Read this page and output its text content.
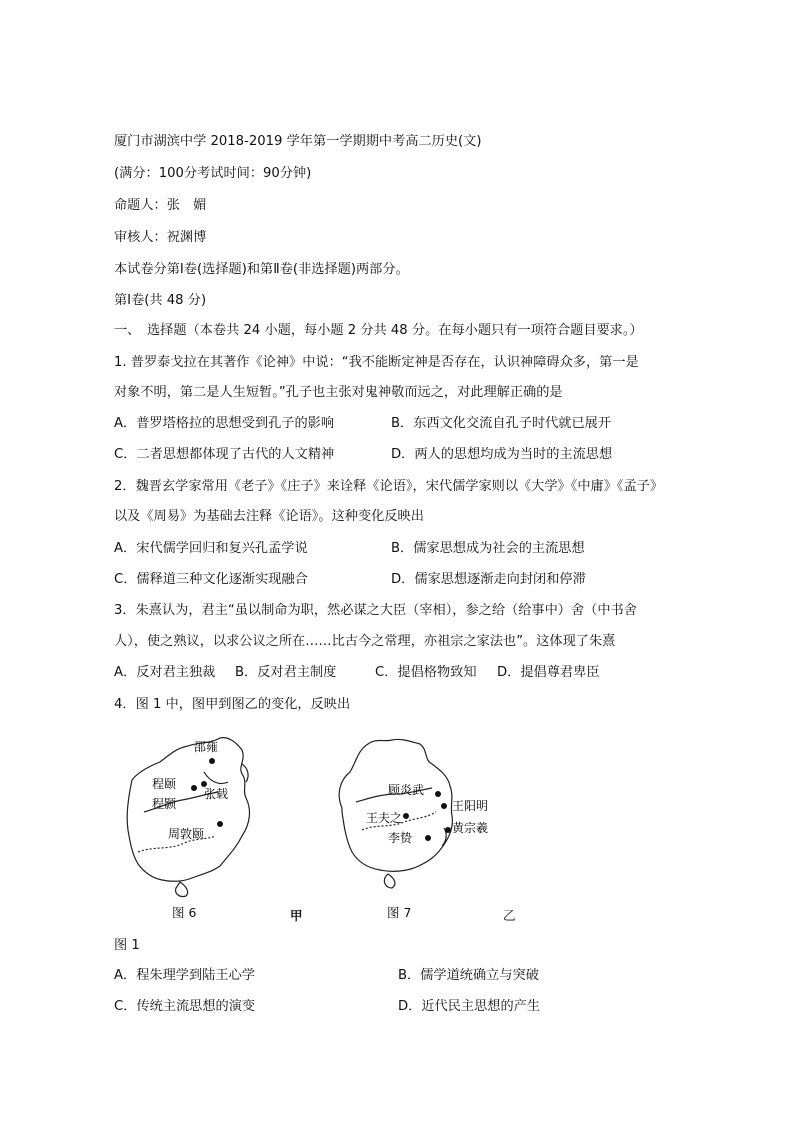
厦门市湖滨中学 2018-2019 学年第一学期期中考高二历史(文)
(满分：100分考试时间：90分钟)
命题人：张　媚
审核人：祝渊博
本试卷分第Ⅰ卷(选择题)和第Ⅱ卷(非选择题)两部分。
第Ⅰ卷(共 48 分)
一、　选择题（本卷共 24 小题，每小题 2 分共 48 分。在每小题只有一项符合题目要求。）
1. 普罗泰戈拉在其著作《论神》中说：“我不能断定神是否存在，认识神障碍众多，第一是
对象不明，第二是人生短暂。”孔子也主张对鬼神敬而远之，对此理解正确的是
A．普罗塔格拉的思想受到孔子的影响	B．东西文化交流自孔子时代就已展开
C．二者思想都体现了古代的人文精神	D．两人的思想均成为当时的主流思想
2．魏晋玄学家常用《老子》《庄子》来诠释《论语》，宋代儒学家则以《大学》《中庸》《孟子》
以及《周易》为基础去注释《论语》。这种变化反映出
A．宋代儒学回归和复兴孔孟学说	B．儒家思想成为社会的主流思想
C．儒释道三种文化逐渐实现融合	D．儒家思想逐渐走向封闭和停滞
3．朱熹认为，君主“虽以制命为职，然必谋之大臣（宰相），参之给（给事中）舍（中书舍
人），使之熟议，以求公议之所在……比古今之常理，亦祖宗之家法也”。这体现了朱熹
A．反对君主独裁 B．反对君主制度	C．提倡格物致知 D．提倡尊君卑臣
4．图 1 中，图甲到图乙的变化，反映出
邵雍
程颐
程颢
张载
周敦颐
顾炎武
王阳明
王夫之
李贽
黄宗羲
图 6	甲	图 7	乙
图 1
A．程朱理学到陆王心学	B．儒学道统确立与突破
C．传统主流思想的演变	D．近代民主思想的产生
